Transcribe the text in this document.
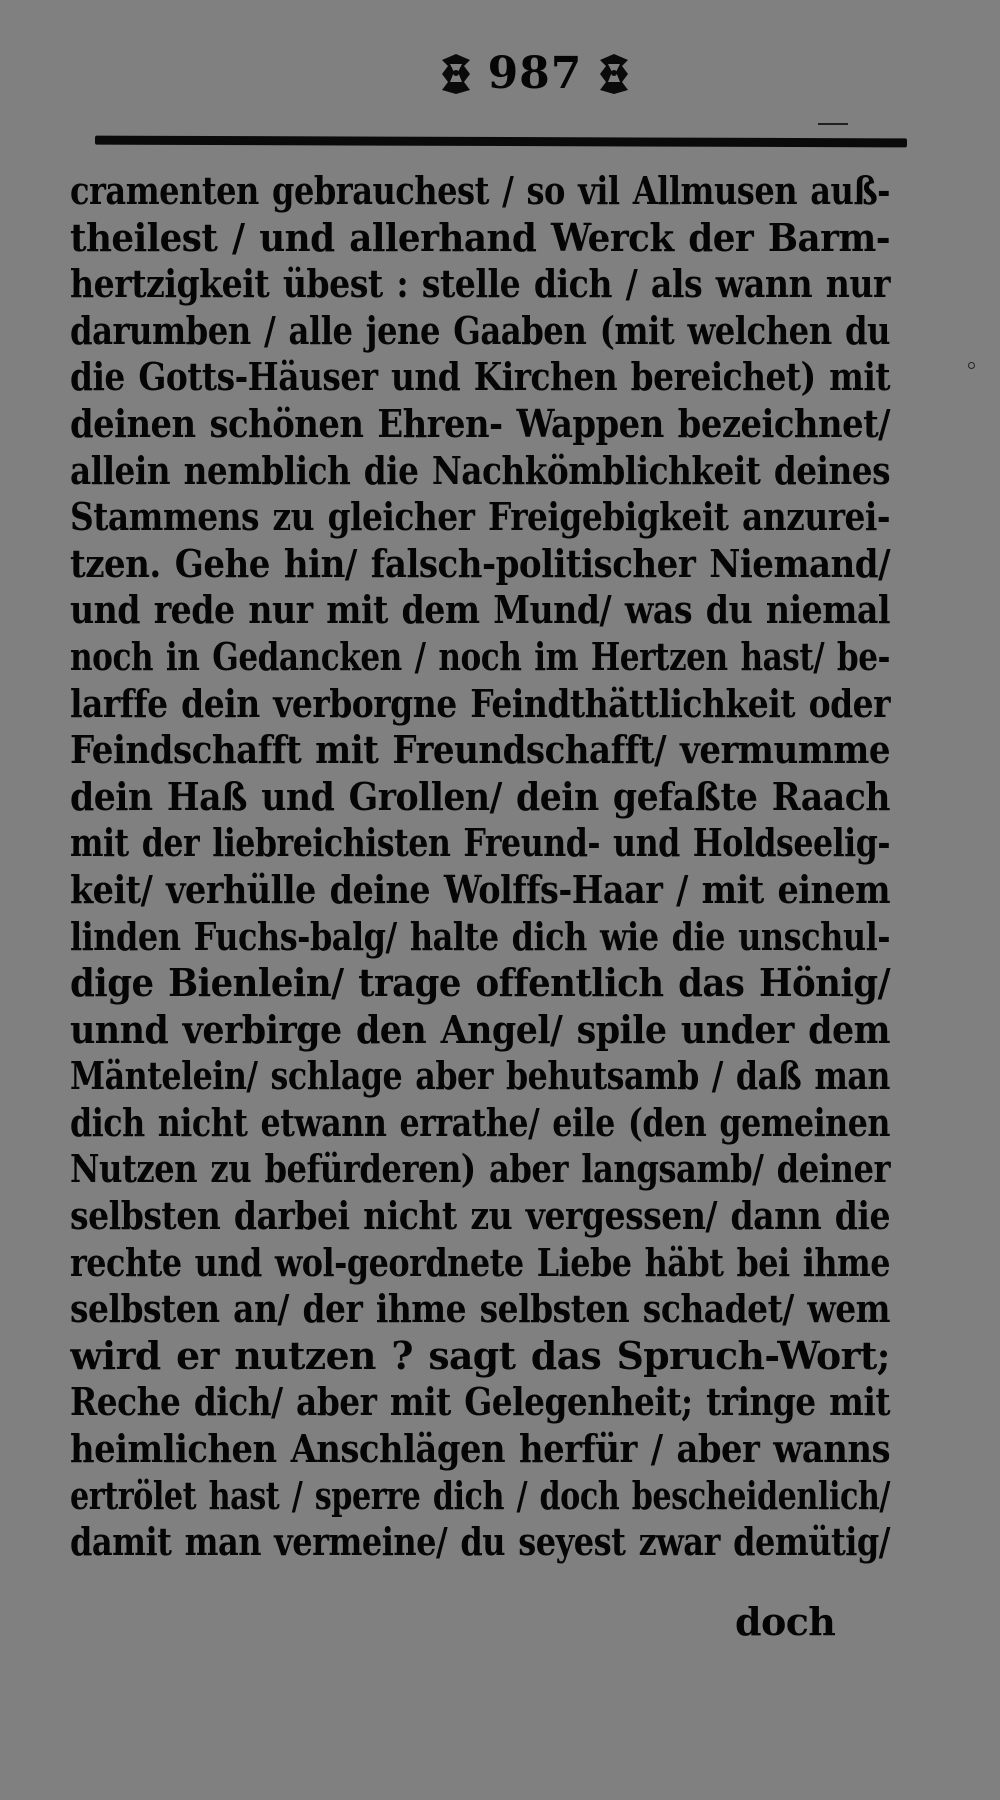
987
cramenten gebrauchest / so vil Allmusen auß-
theilest / und allerhand Werck der Barm-
hertzigkeit übest : stelle dich / als wann nur
darumben / alle jene Gaaben (mit welchen du
die Gotts-Häuser und Kirchen bereichet) mit
deinen schönen Ehren- Wappen bezeichnet/
allein nemblich die Nachkömblichkeit deines
Stammens zu gleicher Freigebigkeit anzurei-
tzen. Gehe hin/ falsch-politischer Niemand/
und rede nur mit dem Mund/ was du niemal
noch in Gedancken / noch im Hertzen hast/ be-
larffe dein verborgne Feindthättlichkeit oder
Feindschafft mit Freundschafft/ vermumme
dein Haß und Grollen/ dein gefaßte Raach
mit der liebreichisten Freund- und Holdseelig-
keit/ verhülle deine Wolffs-Haar / mit einem
linden Fuchs-balg/ halte dich wie die unschul-
dige Bienlein/ trage offentlich das Hönig/
unnd verbirge den Angel/ spile under dem
Mäntelein/ schlage aber behutsamb / daß man
dich nicht etwann errathe/ eile (den gemeinen
Nutzen zu befürderen) aber langsamb/ deiner
selbsten darbei nicht zu vergessen/ dann die
rechte und wol-geordnete Liebe häbt bei ihme
selbsten an/ der ihme selbsten schadet/ wem
wird er nutzen ? sagt das Spruch-Wort;
Reche dich/ aber mit Gelegenheit; tringe mit
heimlichen Anschlägen herfür / aber wanns
ertrölet hast / sperre dich / doch bescheidenlich/
damit man vermeine/ du seyest zwar demütig/
doch
